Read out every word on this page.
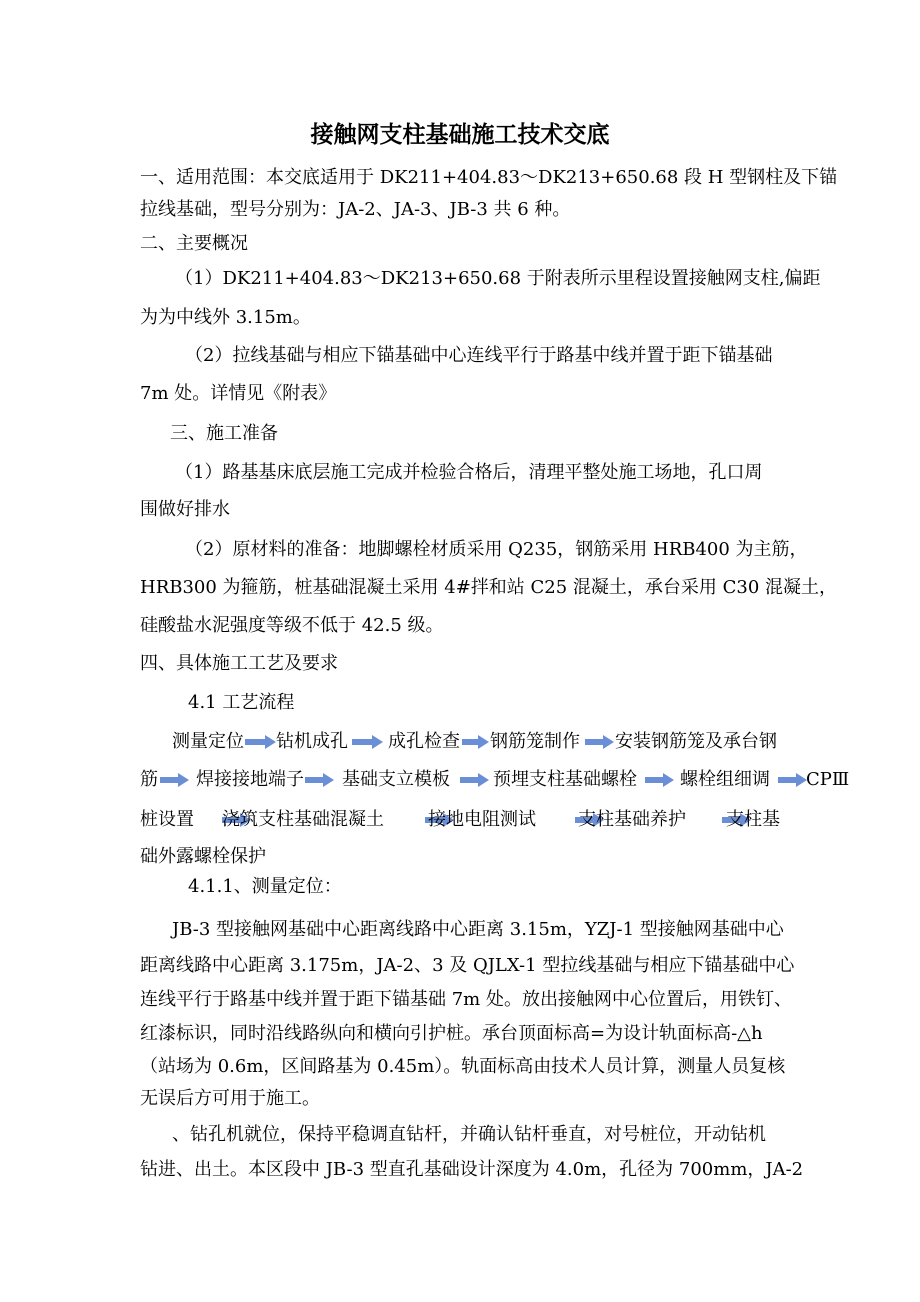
接触网支柱基础施工技术交底
一、适用范围：本交底适用于 DK211+404.83～DK213+650.68 段 H 型钢柱及下锚
拉线基础，型号分别为：JA-2、JA-3、JB-3 共 6 种。
二、主要概况
（1）DK211+404.83～DK213+650.68 于附表所示里程设置接触网支柱,偏距
为为中线外 3.15m。
（2）拉线基础与相应下锚基础中心连线平行于路基中线并置于距下锚基础
7m 处。详情见《附表》
三、施工准备
（1）路基基床底层施工完成并检验合格后，清理平整处施工场地，孔口周
围做好排水
（2）原材料的准备：地脚螺栓材质采用 Q235，钢筋采用 HRB400 为主筋，
HRB300 为箍筋，桩基础混凝土采用 4#拌和站 C25 混凝土，承台采用 C30 混凝土，
硅酸盐水泥强度等级不低于 42.5 级。
四、具体施工工艺及要求
4.1 工艺流程
测量定位 钻机成孔 成孔检查 钢筋笼制作 安装钢筋笼及承台钢
筋 焊接接地端子 基础支立模板 预埋支柱基础螺栓 螺栓组细调 CPⅢ
桩设置 浇筑支柱基础混凝土 接地电阻测试 支柱基础养护 支柱基
础外露螺栓保护
4.1.1、测量定位：
JB-3 型接触网基础中心距离线路中心距离 3.15m，YZJ-1 型接触网基础中心
距离线路中心距离 3.175m，JA-2、3 及 QJLX-1 型拉线基础与相应下锚基础中心
连线平行于路基中线并置于距下锚基础 7m 处。放出接触网中心位置后，用铁钉、
红漆标识，同时沿线路纵向和横向引护桩。承台顶面标高=为设计轨面标高-△h
（站场为 0.6m，区间路基为 0.45m）。轨面标高由技术人员计算，测量人员复核
无误后方可用于施工。
、钻孔机就位，保持平稳调直钻杆，并确认钻杆垂直，对号桩位，开动钻机
钻进、出土。本区段中 JB-3 型直孔基础设计深度为 4.0m，孔径为 700mm，JA-2
